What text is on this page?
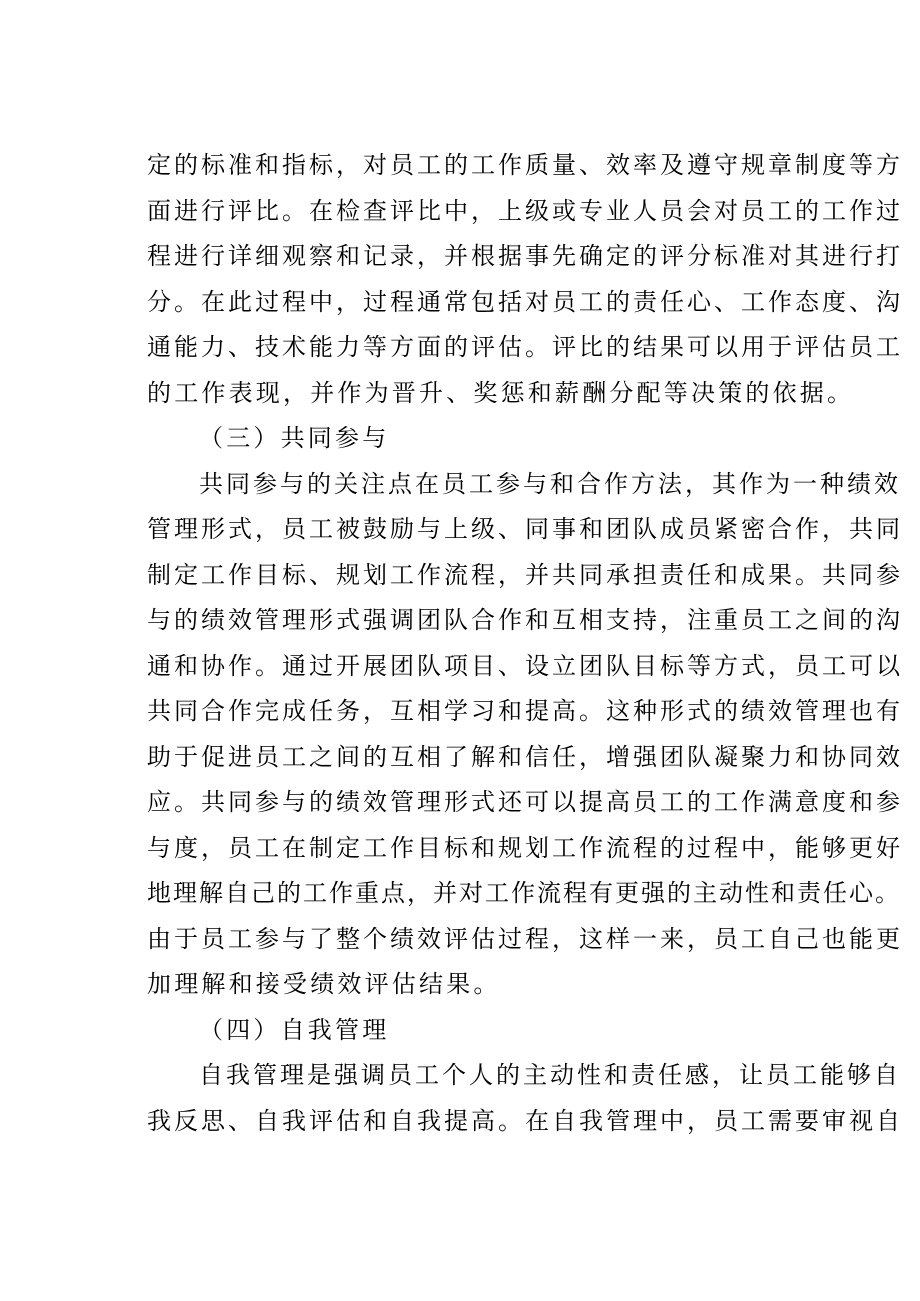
定的标准和指标，对员工的工作质量、效率及遵守规章制度等方
面进行评比。在检查评比中，上级或专业人员会对员工的工作过
程进行详细观察和记录，并根据事先确定的评分标准对其进行打
分。在此过程中，过程通常包括对员工的责任心、工作态度、沟
通能力、技术能力等方面的评估。评比的结果可以用于评估员工
的工作表现，并作为晋升、奖惩和薪酬分配等决策的依据。
（三）共同参与
共同参与的关注点在员工参与和合作方法，其作为一种绩效
管理形式，员工被鼓励与上级、同事和团队成员紧密合作，共同
制定工作目标、规划工作流程，并共同承担责任和成果。共同参
与的绩效管理形式强调团队合作和互相支持，注重员工之间的沟
通和协作。通过开展团队项目、设立团队目标等方式，员工可以
共同合作完成任务，互相学习和提高。这种形式的绩效管理也有
助于促进员工之间的互相了解和信任，增强团队凝聚力和协同效
应。共同参与的绩效管理形式还可以提高员工的工作满意度和参
与度，员工在制定工作目标和规划工作流程的过程中，能够更好
地理解自己的工作重点，并对工作流程有更强的主动性和责任心。
由于员工参与了整个绩效评估过程，这样一来，员工自己也能更
加理解和接受绩效评估结果。
（四）自我管理
自我管理是强调员工个人的主动性和责任感，让员工能够自
我反思、自我评估和自我提高。在自我管理中，员工需要审视自
